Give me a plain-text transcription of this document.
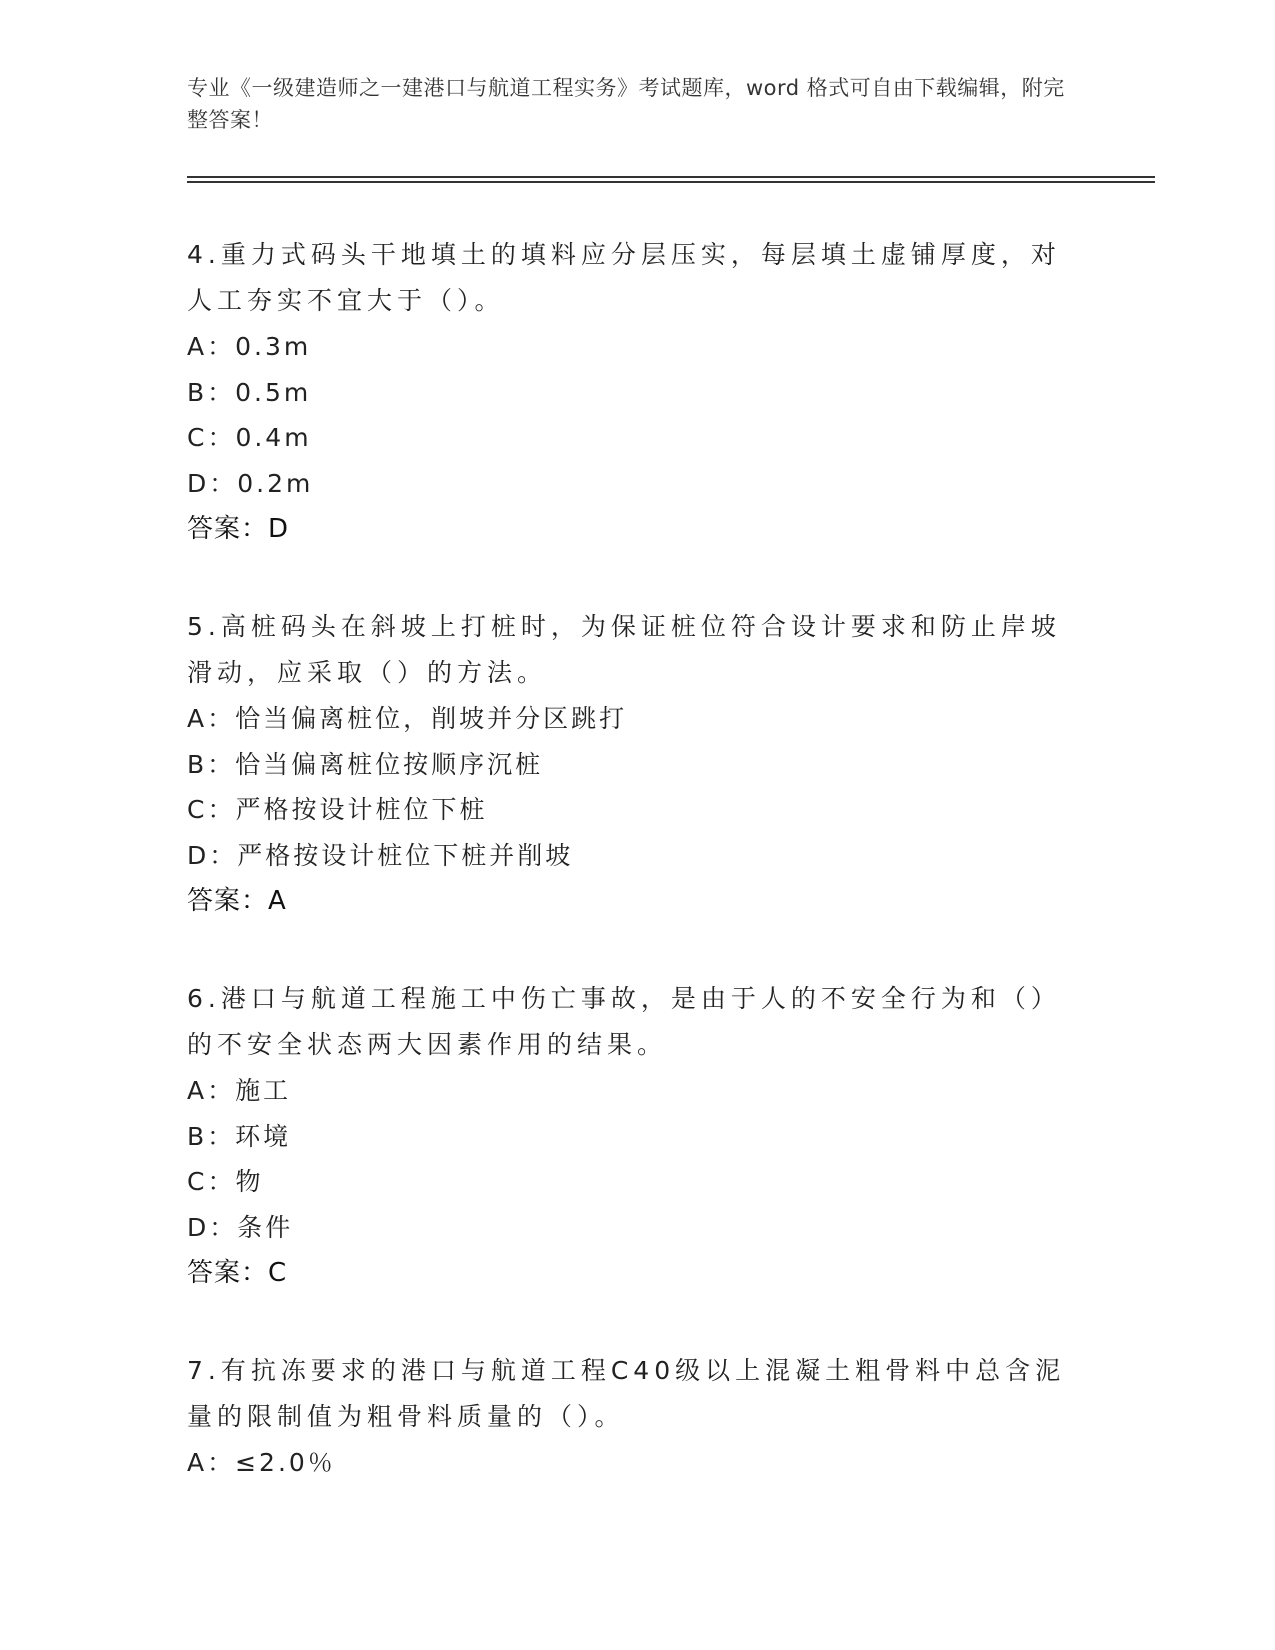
专业《一级建造师之一建港口与航道工程实务》考试题库，word 格式可自由下载编辑，附完整答案！
4.重力式码头干地填土的填料应分层压实，每层填土虚铺厚度，对人工夯实不宜大于（）。
A：0.3m
B：0.5m
C：0.4m
D：0.2m
答案：D
5.高桩码头在斜坡上打桩时，为保证桩位符合设计要求和防止岸坡滑动，应采取（）的方法。
A：恰当偏离桩位，削坡并分区跳打
B：恰当偏离桩位按顺序沉桩
C：严格按设计桩位下桩
D：严格按设计桩位下桩并削坡
答案：A
6.港口与航道工程施工中伤亡事故，是由于人的不安全行为和（）的不安全状态两大因素作用的结果。
A：施工
B：环境
C：物
D：条件
答案：C
7.有抗冻要求的港口与航道工程C40级以上混凝土粗骨料中总含泥量的限制值为粗骨料质量的（）。
A：≤2.0％
